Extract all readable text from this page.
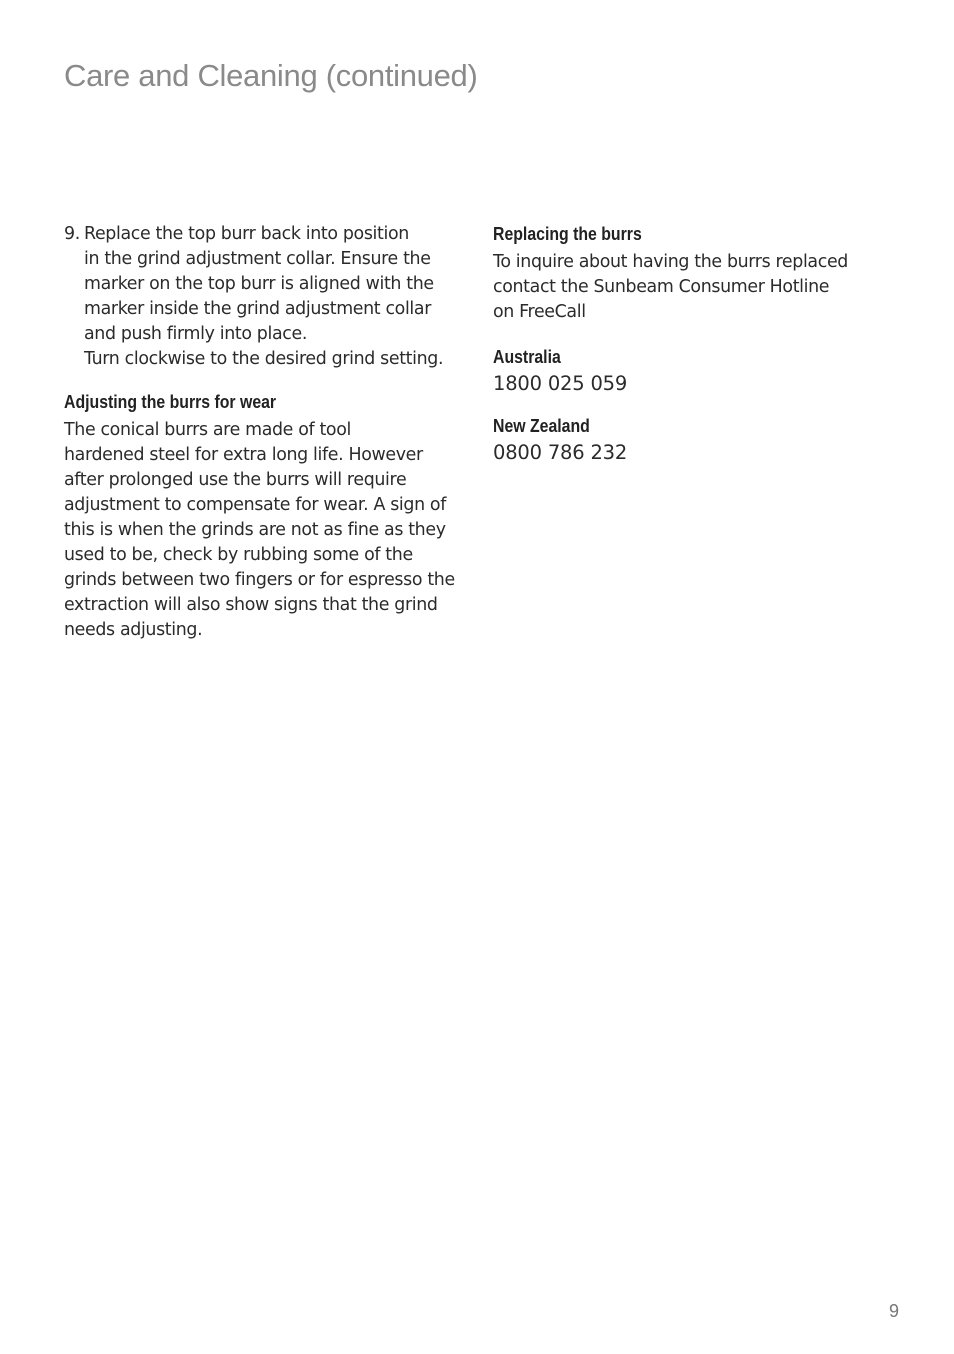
Care and Cleaning (continued)
9. Replace the top burr back into position
in the grind adjustment collar. Ensure the
marker on the top burr is aligned with the
marker inside the grind adjustment collar
and push firmly into place.
Turn clockwise to the desired grind setting.
Adjusting the burrs for wear
The conical burrs are made of tool
hardened steel for extra long life. However
after prolonged use the burrs will require
adjustment to compensate for wear. A sign of
this is when the grinds are not as fine as they
used to be, check by rubbing some of the
grinds between two fingers or for espresso the
extraction will also show signs that the grind
needs adjusting.
Replacing the burrs
To inquire about having the burrs replaced
contact the Sunbeam Consumer Hotline
on FreeCall
Australia
1800 025 059
New Zealand
0800 786 232
9
